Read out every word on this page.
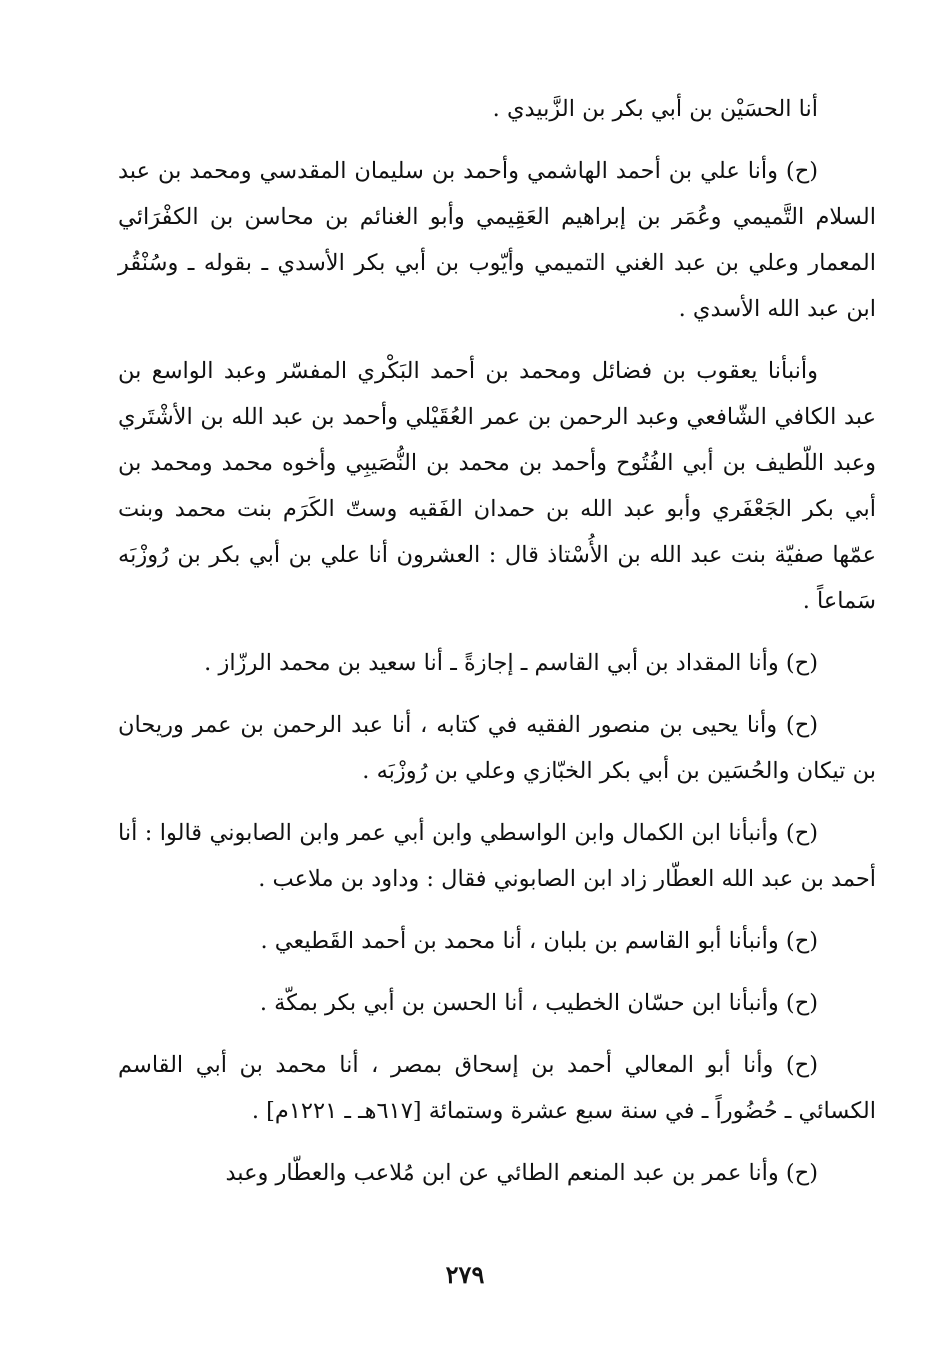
أنا الحسَيْن بن أبي بكر بن الزَّبيدي .

(ح) وأنا علي بن أحمد الهاشمي وأحمد بن سليمان المقدسي ومحمد بن عبد السلام التَّميمي وعُمَر بن إبراهيم العَقِيمي وأبو الغنائم بن محاسن بن الكفْرَائي المعمار وعلي بن عبد الغني التميمي وأيّوب بن أبي بكر الأسدي ـ بقوله ـ وسُنْقُر ابن عبد الله الأسدي .

وأنبأنا يعقوب بن فضائل ومحمد بن أحمد البَكْري المفسّر وعبد الواسع بن عبد الكافي الشّافعي وعبد الرحمن بن عمر العُقَيْلي وأحمد بن عبد الله بن الأشْتَري وعبد اللّطيف بن أبي الفُتُوح وأحمد بن محمد بن النُّصَيبِي وأخوه محمد ومحمد بن أبي بكر الجَعْفَري وأبو عبد الله بن حمدان الفَقيه وستّ الكَرَم بنت محمد وبنت عمّها صفيّة بنت عبد الله بن الأُسْتاذ قال : العشرون أنا علي بن أبي بكر بن رُوزْبَه سَماعاً .

(ح) وأنا المقداد بن أبي القاسم ـ إجازةً ـ أنا سعيد بن محمد الرزّاز .

(ح) وأنا يحيى بن منصور الفقيه في كتابه ، أنا عبد الرحمن بن عمر وريحان بن تيكان والحُسَين بن أبي بكر الخبّازي وعلي بن رُوزْبَه .

(ح) وأنبأنا ابن الكمال وابن الواسطي وابن أبي عمر وابن الصابوني قالوا : أنا أحمد بن عبد الله العطّار زاد ابن الصابوني فقال : وداود بن ملاعب .

(ح) وأنبأنا أبو القاسم بن بلبان ، أنا محمد بن أحمد القَطيعي .

(ح) وأنبأنا ابن حسّان الخطيب ، أنا الحسن بن أبي بكر بمكّة .

(ح) وأنا أبو المعالي أحمد بن إسحاق بمصر ، أنا محمد بن أبي القاسم الكسائي ـ حُضُوراً ـ في سنة سبع عشرة وستمائة [٦١٧هـ ـ ١٢٢١م] .

(ح) وأنا عمر بن عبد المنعم الطائي عن ابن مُلاعب والعطّار وعبد

٢٧٩
